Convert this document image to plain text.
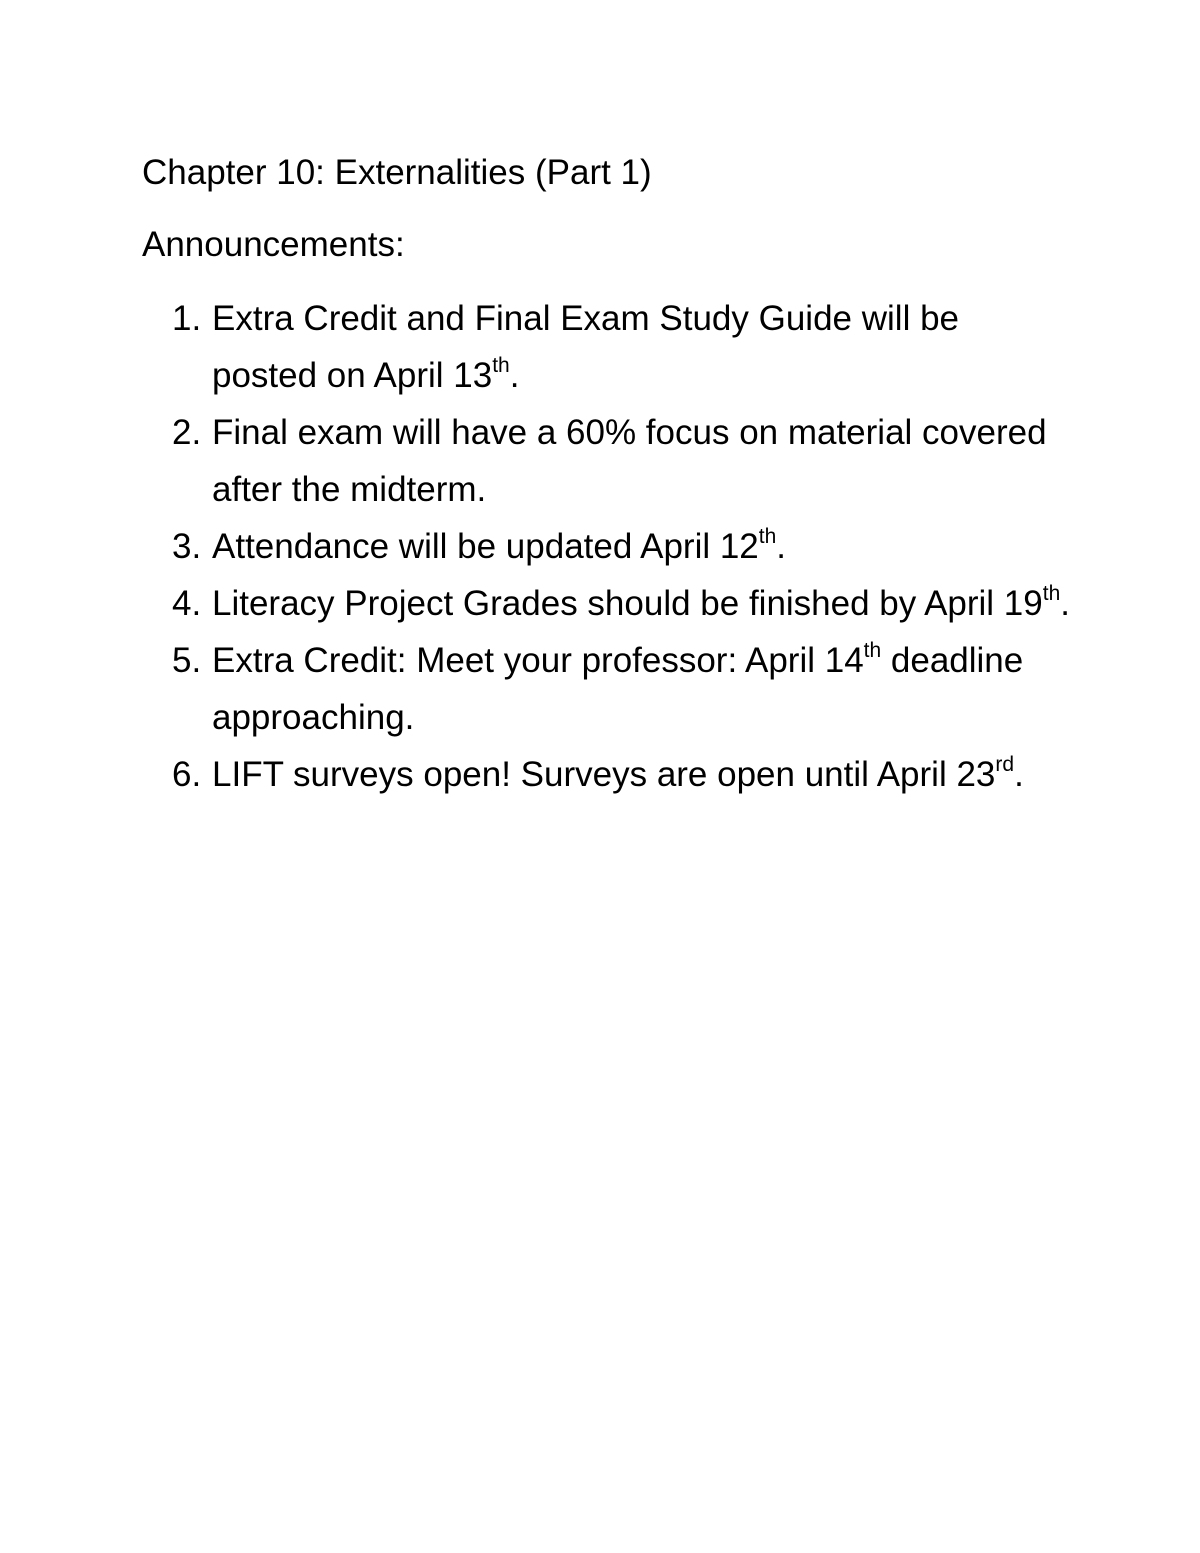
Chapter 10: Externalities (Part 1)
Announcements:
1. Extra Credit and Final Exam Study Guide will be posted on April 13th.
2. Final exam will have a 60% focus on material covered after the midterm.
3. Attendance will be updated April 12th.
4. Literacy Project Grades should be finished by April 19th.
5. Extra Credit: Meet your professor: April 14th deadline approaching.
6. LIFT surveys open! Surveys are open until April 23rd.
